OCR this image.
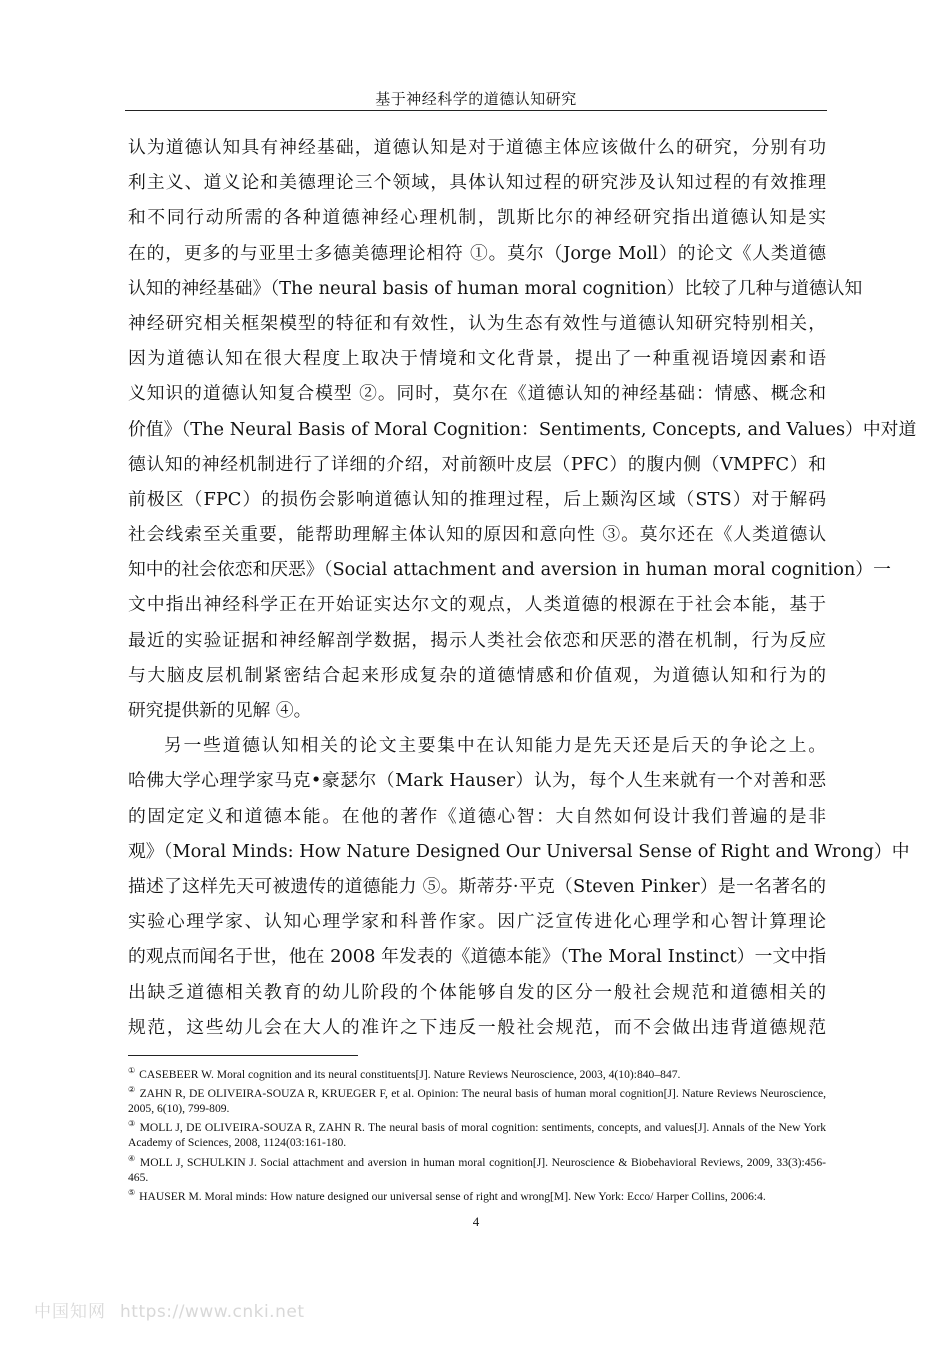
基于神经科学的道德认知研究
认为道德认知具有神经基础，道德认知是对于道德主体应该做什么的研究，分别有功
利主义、道义论和美德理论三个领域，具体认知过程的研究涉及认知过程的有效推理
和不同行动所需的各种道德神经心理机制，凯斯比尔的神经研究指出道德认知是实
在的，更多的与亚里士多德美德理论相符 ①。莫尔（Jorge Moll）的论文《人类道德
认知的神经基础》（The neural basis of human moral cognition）比较了几种与道德认知
神经研究相关框架模型的特征和有效性，认为生态有效性与道德认知研究特别相关，
因为道德认知在很大程度上取决于情境和文化背景，提出了一种重视语境因素和语
义知识的道德认知复合模型 ②。同时，莫尔在《道德认知的神经基础：情感、概念和
价值》（The Neural Basis of Moral Cognition：Sentiments, Concepts, and Values）中对道
德认知的神经机制进行了详细的介绍，对前额叶皮层（PFC）的腹内侧（VMPFC）和
前极区（FPC）的损伤会影响道德认知的推理过程，后上颞沟区域（STS）对于解码
社会线索至关重要，能帮助理解主体认知的原因和意向性 ③。莫尔还在《人类道德认
知中的社会依恋和厌恶》（Social attachment and aversion in human moral cognition）一
文中指出神经科学正在开始证实达尔文的观点，人类道德的根源在于社会本能，基于
最近的实验证据和神经解剖学数据，揭示人类社会依恋和厌恶的潜在机制，行为反应
与大脑皮层机制紧密结合起来形成复杂的道德情感和价值观，为道德认知和行为的
研究提供新的见解 ④。
另一些道德认知相关的论文主要集中在认知能力是先天还是后天的争论之上。
哈佛大学心理学家马克•豪瑟尔（Mark Hauser）认为，每个人生来就有一个对善和恶
的固定定义和道德本能。在他的著作《道德心智：大自然如何设计我们普遍的是非
观》（Moral Minds: How Nature Designed Our Universal Sense of Right and Wrong）中
描述了这样先天可被遗传的道德能力 ⑤。斯蒂芬·平克（Steven Pinker）是一名著名的
实验心理学家、认知心理学家和科普作家。因广泛宣传进化心理学和心智计算理论
的观点而闻名于世，他在 2008 年发表的《道德本能》（The Moral Instinct）一文中指
出缺乏道德相关教育的幼儿阶段的个体能够自发的区分一般社会规范和道德相关的
规范，这些幼儿会在大人的准许之下违反一般社会规范，而不会做出违背道德规范
① CASEBEER W. Moral cognition and its neural constituents[J]. Nature Reviews Neuroscience, 2003, 4(10):840–847.
② ZAHN R, DE OLIVEIRA-SOUZA R, KRUEGER F, et al. Opinion: The neural basis of human moral cognition[J]. Nature Reviews Neuroscience, 2005, 6(10), 799-809.
③ MOLL J, DE OLIVEIRA-SOUZA R, ZAHN R. The neural basis of moral cognition: sentiments, concepts, and values[J]. Annals of the New York Academy of Sciences, 2008, 1124(03:161-180.
④ MOLL J, SCHULKIN J. Social attachment and aversion in human moral cognition[J]. Neuroscience & Biobehavioral Reviews, 2009, 33(3):456-465.
⑤ HAUSER M. Moral minds: How nature designed our universal sense of right and wrong[M]. New York: Ecco/ Harper Collins, 2006:4.
4
中国知网 https://www.cnki.net
